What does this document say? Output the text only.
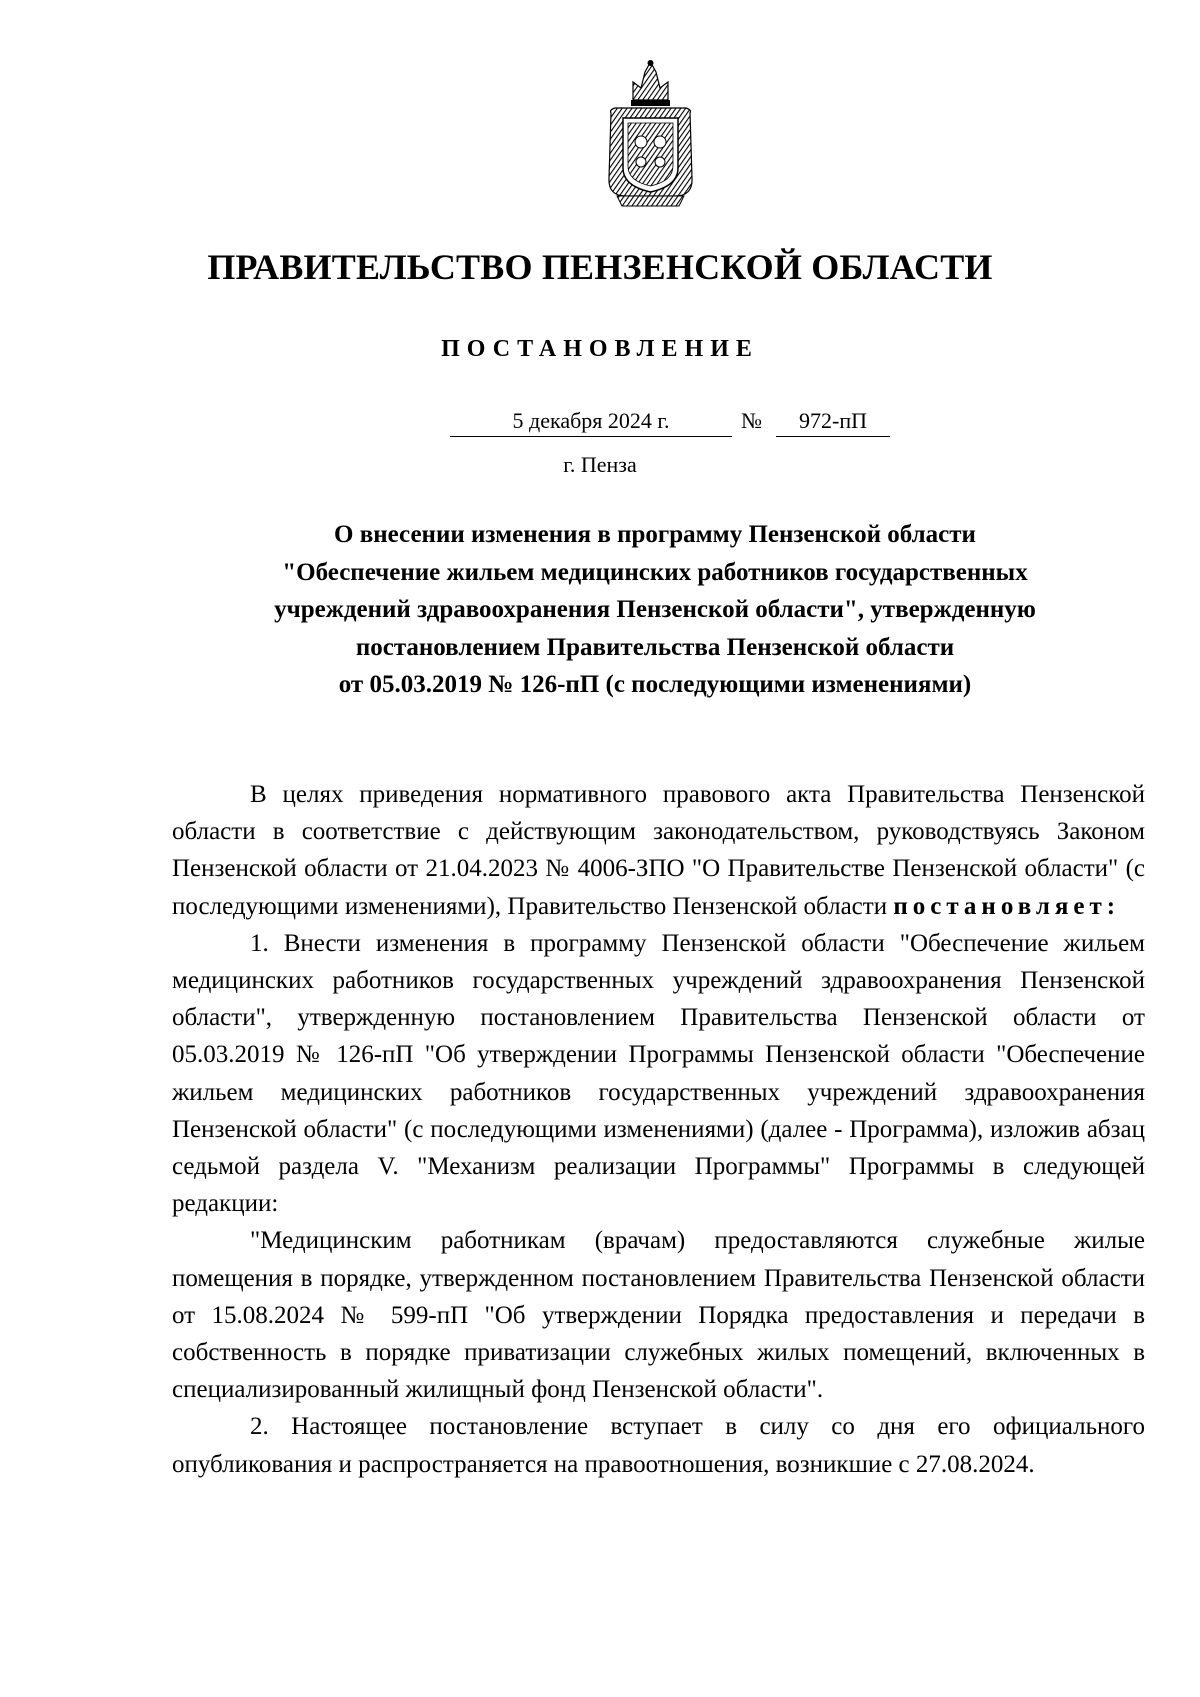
ПРАВИТЕЛЬСТВО ПЕНЗЕНСКОЙ ОБЛАСТИ
ПОСТАНОВЛЕНИЕ
5 декабря 2024 г.	№	972-пП
г. Пенза
О внесении изменения в программу Пензенской области
"Обеспечение жильем медицинских работников государственных
учреждений здравоохранения Пензенской области", утвержденную
постановлением Правительства Пензенской области
от 05.03.2019 № 126-пП (с последующими изменениями)

В целях приведения нормативного правового акта Правительства Пензенской области в соответствие с действующим законодательством, руководствуясь Законом Пензенской области от 21.04.2023 № 4006-ЗПО "О Правительстве Пензенской области" (с последующими изменениями), Правительство Пензенской области постановляет:

1. Внести изменения в программу Пензенской области "Обеспечение жильем медицинских работников государственных учреждений здравоохранения Пензенской области", утвержденную постановлением Правительства Пензенской области от 05.03.2019 № 126-пП "Об утверждении Программы Пензенской области "Обеспечение жильем медицинских работников государственных учреждений здравоохранения Пензенской области" (с последующими изменениями) (далее - Программа), изложив абзац седьмой раздела V. "Механизм реализации Программы" Программы в следующей редакции:

"Медицинским работникам (врачам) предоставляются служебные жилые помещения в порядке, утвержденном постановлением Правительства Пензенской области от 15.08.2024 № 599-пП "Об утверждении Порядка предоставления и передачи в собственность в порядке приватизации служебных жилых помещений, включенных в специализированный жилищный фонд Пензенской области".

2. Настоящее постановление вступает в силу со дня его официального опубликования и распространяется на правоотношения, возникшие с 27.08.2024.
